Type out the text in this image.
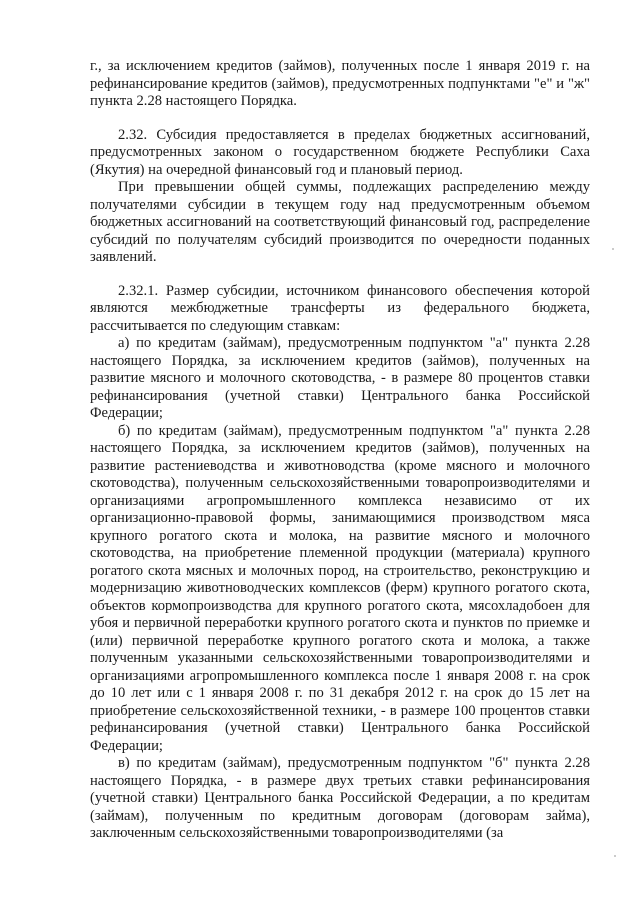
г., за исключением кредитов (займов), полученных после 1 января 2019 г. на рефинансирование кредитов (займов), предусмотренных подпунктами "е" и "ж" пункта 2.28 настоящего Порядка.

2.32. Субсидия предоставляется в пределах бюджетных ассигнований, предусмотренных законом о государственном бюджете Республики Саха (Якутия) на очередной финансовый год и плановый период.

При превышении общей суммы, подлежащих распределению между получателями субсидии в текущем году над предусмотренным объемом бюджетных ассигнований на соответствующий финансовый год, распределение субсидий по получателям субсидий производится по очередности поданных заявлений.

2.32.1. Размер субсидии, источником финансового обеспечения которой являются межбюджетные трансферты из федерального бюджета, рассчитывается по следующим ставкам:

а) по кредитам (займам), предусмотренным подпунктом "а" пункта 2.28 настоящего Порядка, за исключением кредитов (займов), полученных на развитие мясного и молочного скотоводства, - в размере 80 процентов ставки рефинансирования (учетной ставки) Центрального банка Российской Федерации;

б) по кредитам (займам), предусмотренным подпунктом "а" пункта 2.28 настоящего Порядка, за исключением кредитов (займов), полученных на развитие растениеводства и животноводства (кроме мясного и молочного скотоводства), полученным сельскохозяйственными товаропроизводителями и организациями агропромышленного комплекса независимо от их организационно-правовой формы, занимающимися производством мяса крупного рогатого скота и молока, на развитие мясного и молочного скотоводства, на приобретение племенной продукции (материала) крупного рогатого скота мясных и молочных пород, на строительство, реконструкцию и модернизацию животноводческих комплексов (ферм) крупного рогатого скота, объектов кормопроизводства для крупного рогатого скота, мясохладобоен для убоя и первичной переработки крупного рогатого скота и пунктов по приемке и (или) первичной переработке крупного рогатого скота и молока, а также полученным указанными сельскохозяйственными товаропроизводителями и организациями агропромышленного комплекса после 1 января 2008 г. на срок до 10 лет или с 1 января 2008 г. по 31 декабря 2012 г. на срок до 15 лет на приобретение сельскохозяйственной техники, - в размере 100 процентов ставки рефинансирования (учетной ставки) Центрального банка Российской Федерации;

в) по кредитам (займам), предусмотренным подпунктом "б" пункта 2.28 настоящего Порядка, - в размере двух третьих ставки рефинансирования (учетной ставки) Центрального банка Российской Федерации, а по кредитам (займам), полученным по кредитным договорам (договорам займа), заключенным сельскохозяйственными товаропроизводителями (за
